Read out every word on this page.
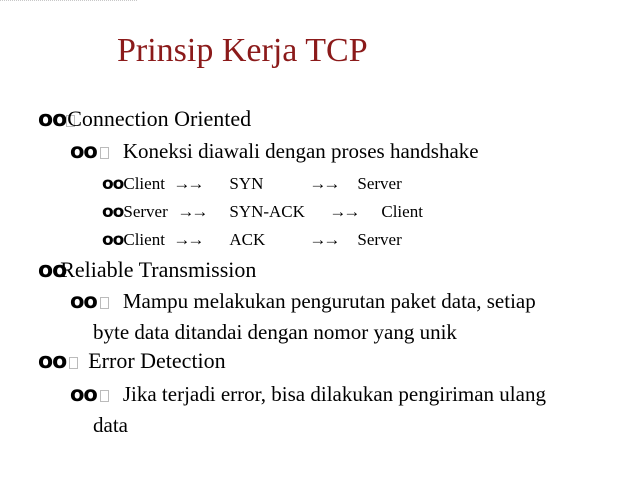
Prinsip Kerja TCP
ooConnection Oriented
oo Koneksi diawali dengan proses handshake
ooClient →→ SYN	→→ Server
ooServer →→ SYN-ACK →→ Client
ooClient →→ ACK	→→ Server
ooReliable Transmission
oo Mampu melakukan pengurutan paket data, setiap
byte data ditandai dengan nomor yang unik
oo Error Detection
oo Jika terjadi error, bisa dilakukan pengiriman ulang
data
